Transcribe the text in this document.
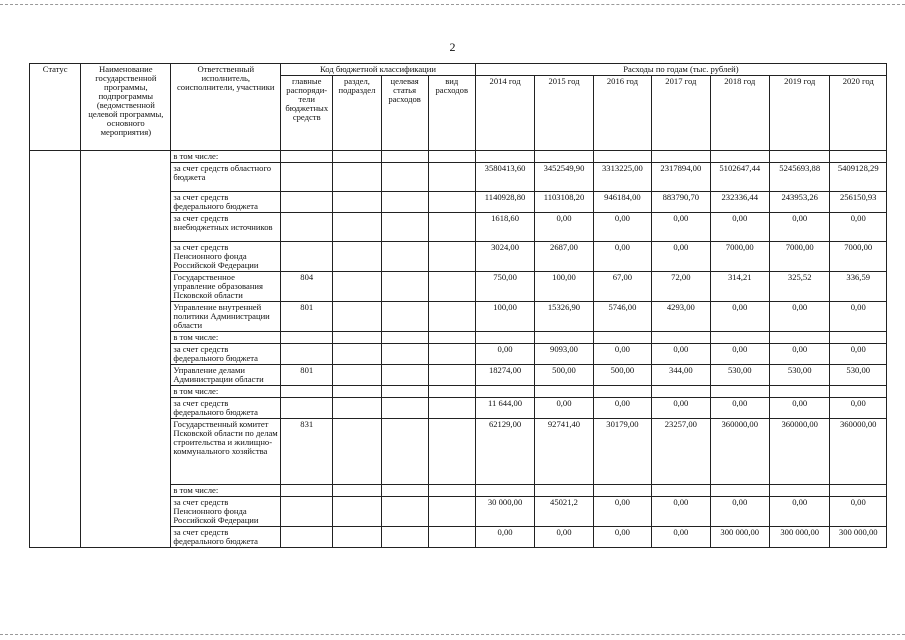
2
Статус	Наименование государственной программы, подпрограммы (ведомственной целевой программы, основного мероприятия)	Ответственный исполнитель, соисполнители, участники	Код бюджетной классификации				Расходы по годам (тыс. рублей)						
			главные распоряди-тели бюджетных средств	раздел, подраздел	целевая статья расходов	вид расходов	2014 год	2015 год	2016 год	2017 год	2018 год	2019 год	2020 год
		в том числе:											
		за счет средств областного бюджета					3580413,60	3452549,90	3313225,00	2317894,00	5102647,44	5245693,88	5409128,29
		за счет средств федерального бюджета					1140928,80	1103108,20	946184,00	883790,70	232336,44	243953,26	256150,93
		за счет средств внебюджетных источников					1618,60	0,00	0,00	0,00	0,00	0,00	0,00
		за счет средств Пенсионного фонда Российской Федерации					3024,00	2687,00	0,00	0,00	7000,00	7000,00	7000,00
		Государственное управление образования Псковской области	804				750,00	100,00	67,00	72,00	314,21	325,52	336,59
		Управление внутренней политики Администрации области	801				100,00	15326,90	5746,00	4293,00	0,00	0,00	0,00
		в том числе:											
		за счет средств федерального бюджета					0,00	9093,00	0,00	0,00	0,00	0,00	0,00
		Управление делами Администрации области	801				18274,00	500,00	500,00	344,00	530,00	530,00	530,00
		в том числе:											
		за счет средств федерального бюджета					11 644,00	0,00	0,00	0,00	0,00	0,00	0,00
		Государственный комитет Псковской области по делам строительства и жилищно-коммунального хозяйства	831				62129,00	92741,40	30179,00	23257,00	360000,00	360000,00	360000,00
		в том числе:											
		за счет средств Пенсионного фонда Российской Федерации					30 000,00	45021,2	0,00	0,00	0,00	0,00	0,00
		за счет средств федерального бюджета					0,00	0,00	0,00	0,00	300 000,00	300 000,00	300 000,00
